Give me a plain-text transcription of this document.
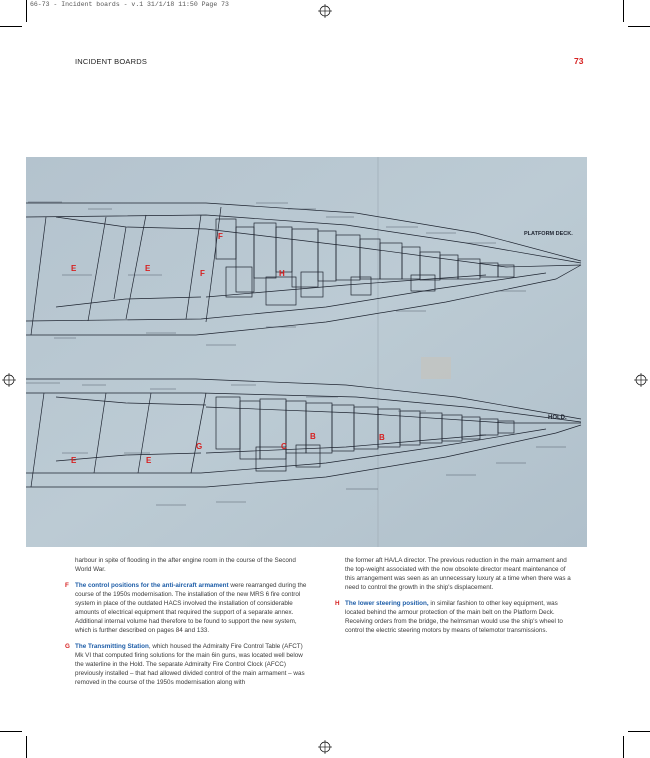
66-73 - Incident boards - v.1 31/1/18 11:50 Page 73
INCIDENT BOARDS	73
PLATFORM DECK.
HOLD.
E	E
F
F	H
E	E
G	C
B	B

harbour in spite of flooding in the after engine room in the course of the Second World War.

F The control positions for the anti-aircraft armament were rearranged during the course of the 1950s modernisation. The installation of the new MRS 6 fire control system in place of the outdated HACS involved the installation of considerable amounts of electrical equipment that required the support of a separate annex. Additional internal volume had therefore to be found to support the new system, which is further described on pages 84 and 133.

G The Transmitting Station, which housed the Admiralty Fire Control Table (AFCT) Mk VI that computed firing solutions for the main 6in guns, was located well below the waterline in the Hold. The separate Admiralty Fire Control Clock (AFCC) previously installed – that had allowed divided control of the main armament – was removed in the course of the 1950s modernisation along with

the former aft HA/LA director. The previous reduction in the main armament and the top-weight associated with the now obsolete director meant maintenance of this arrangement was seen as an unnecessary luxury at a time when there was a need to control the growth in the ship's displacement.

H The lower steering position, in similar fashion to other key equipment, was located behind the armour protection of the main belt on the Platform Deck. Receiving orders from the bridge, the helmsman would use the ship's wheel to control the electric steering motors by means of telemotor transmissions.
